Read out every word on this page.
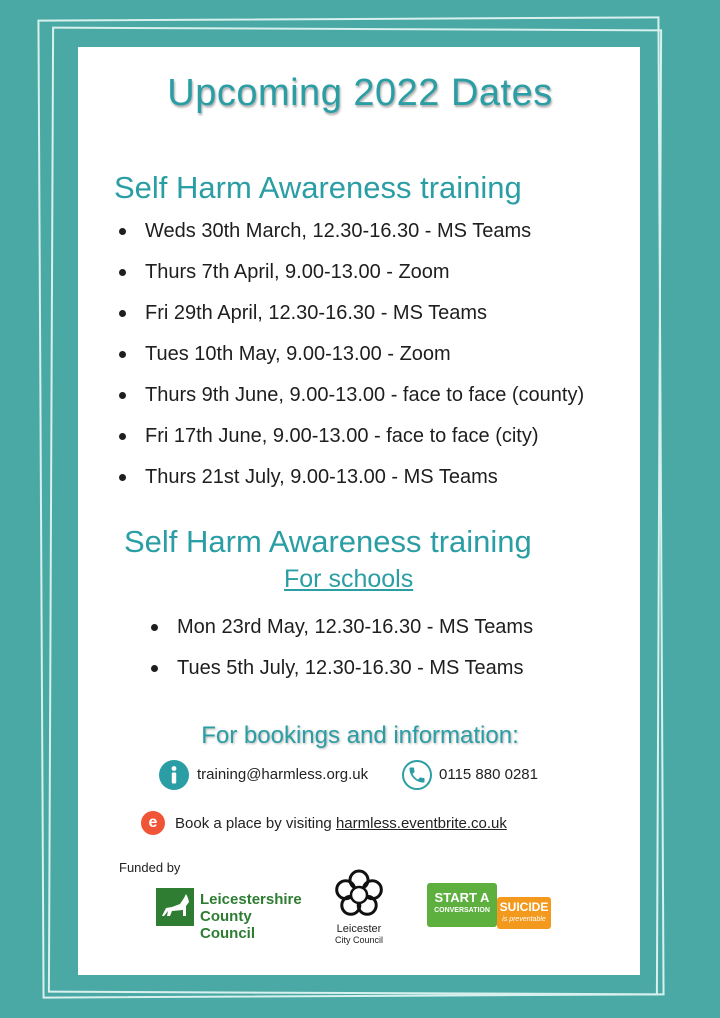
Upcoming 2022 Dates
Self Harm Awareness training
Weds 30th March, 12.30-16.30 - MS Teams
Thurs 7th April, 9.00-13.00 - Zoom
Fri 29th April, 12.30-16.30 - MS Teams
Tues 10th May, 9.00-13.00 - Zoom
Thurs 9th June, 9.00-13.00 - face to face (county)
Fri 17th June, 9.00-13.00 - face to face (city)
Thurs 21st July, 9.00-13.00 - MS Teams
Self Harm Awareness training
For schools
Mon 23rd May, 12.30-16.30 - MS Teams
Tues 5th July, 12.30-16.30 - MS Teams
For bookings and information:
training@harmless.org.uk	0115 880 0281
e Book a place by visiting harmless.eventbrite.co.uk
Funded by
Leicestershire
County Council	Leicester
City Council
START A
CONVERSATION SUICIDE
is preventable
